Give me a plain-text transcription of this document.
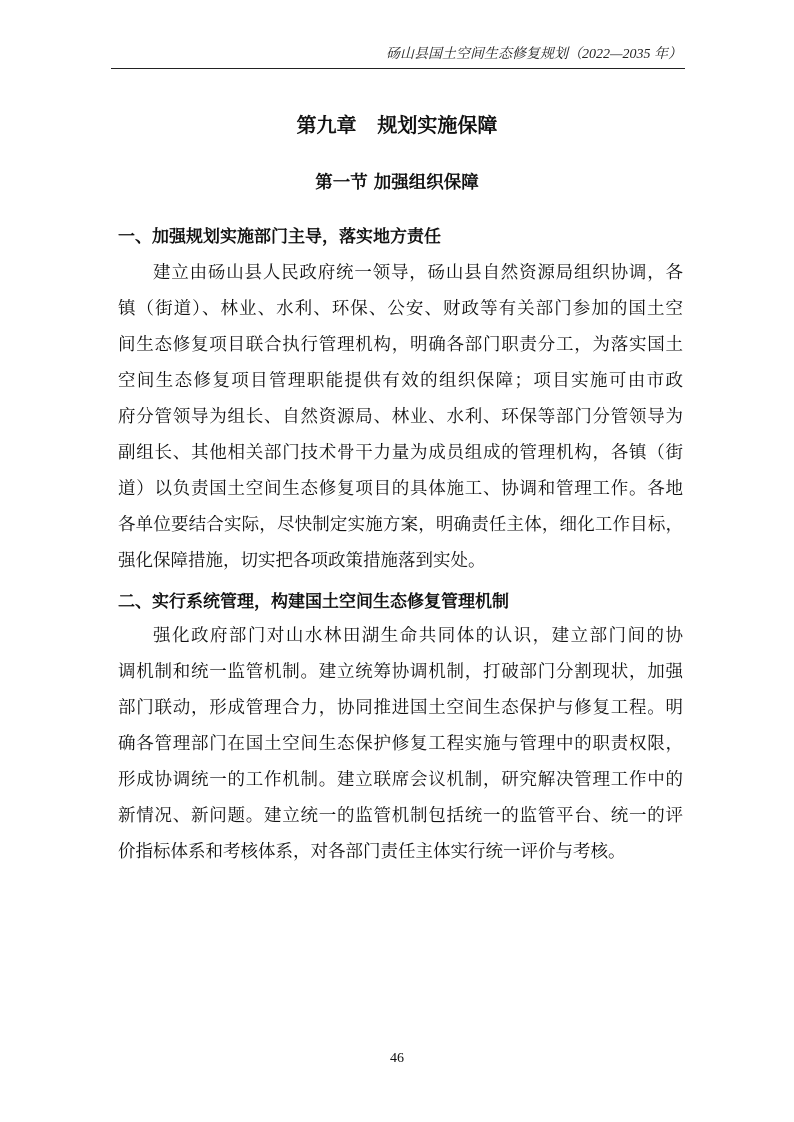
砀山县国土空间生态修复规划（2022—2035 年）
第九章   规划实施保障
第一节 加强组织保障
一、加强规划实施部门主导，落实地方责任
建立由砀山县人民政府统一领导，砀山县自然资源局组织协调，各
镇（街道）、林业、水利、环保、公安、财政等有关部门参加的国土空
间生态修复项目联合执行管理机构，明确各部门职责分工，为落实国土
空间生态修复项目管理职能提供有效的组织保障；项目实施可由市政
府分管领导为组长、自然资源局、林业、水利、环保等部门分管领导为
副组长、其他相关部门技术骨干力量为成员组成的管理机构，各镇（街
道）以负责国土空间生态修复项目的具体施工、协调和管理工作。各地
各单位要结合实际，尽快制定实施方案，明确责任主体，细化工作目标，
强化保障措施，切实把各项政策措施落到实处。
二、实行系统管理，构建国土空间生态修复管理机制
强化政府部门对山水林田湖生命共同体的认识，建立部门间的协
调机制和统一监管机制。建立统筹协调机制，打破部门分割现状，加强
部门联动，形成管理合力，协同推进国土空间生态保护与修复工程。明
确各管理部门在国土空间生态保护修复工程实施与管理中的职责权限，
形成协调统一的工作机制。建立联席会议机制，研究解决管理工作中的
新情况、新问题。建立统一的监管机制包括统一的监管平台、统一的评
价指标体系和考核体系，对各部门责任主体实行统一评价与考核。
46
